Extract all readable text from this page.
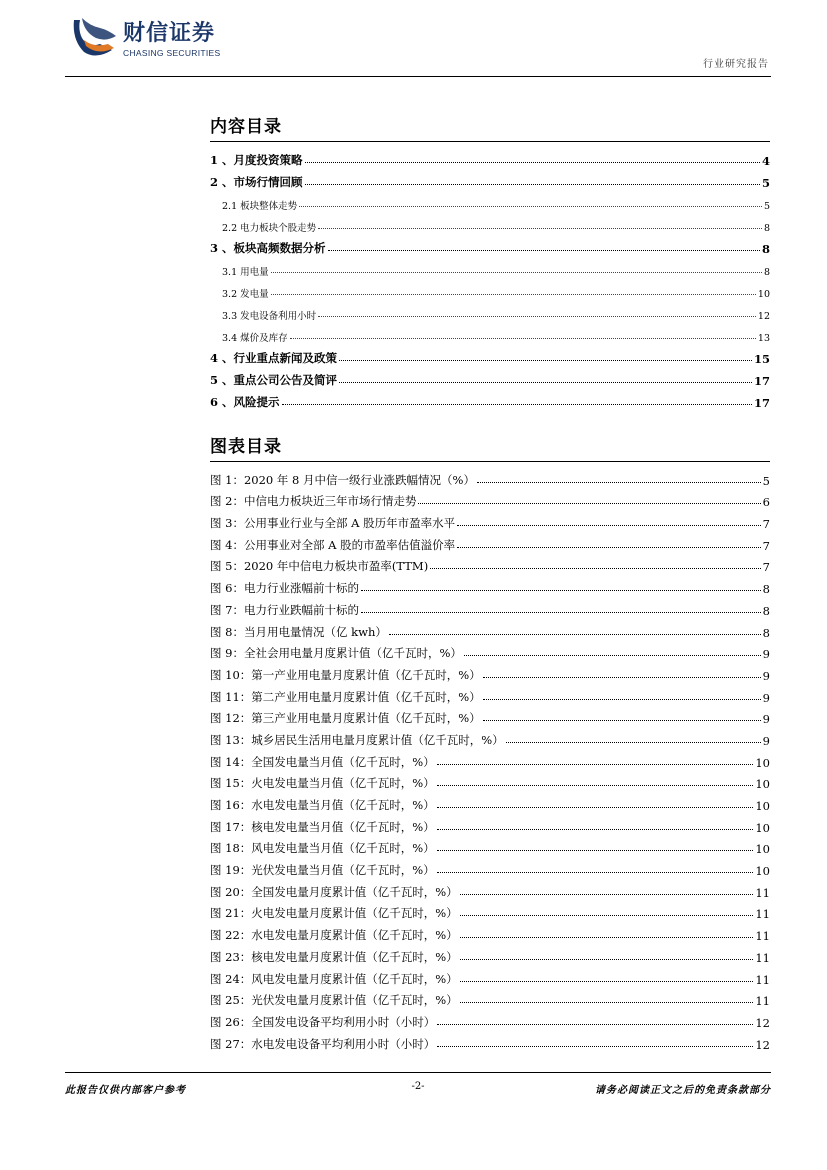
财信证券
CHASING SECURITIES
行业研究报告
内容目录
1 、月度投资策略	4
2 、市场行情回顾	5
2.1 板块整体走势	5
2.2 电力板块个股走势	8
3 、板块高频数据分析	8
3.1 用电量	8
3.2 发电量	10
3.3 发电设备利用小时	12
3.4 煤价及库存	13
4 、行业重点新闻及政策	15
5 、重点公司公告及简评	17
6 、风险提示	17
图表目录
图 1：2020 年 8 月中信一级行业涨跌幅情况（%）	5
图 2：中信电力板块近三年市场行情走势	6
图 3：公用事业行业与全部 A 股历年市盈率水平	7
图 4：公用事业对全部 A 股的市盈率估值溢价率	7
图 5：2020 年中信电力板块市盈率(TTM)	7
图 6：电力行业涨幅前十标的	8
图 7：电力行业跌幅前十标的	8
图 8：当月用电量情况（亿 kwh）	8
图 9：全社会用电量月度累计值（亿千瓦时，%）	9
图 10：第一产业用电量月度累计值（亿千瓦时，%）	9
图 11：第二产业用电量月度累计值（亿千瓦时，%）	9
图 12：第三产业用电量月度累计值（亿千瓦时，%）	9
图 13：城乡居民生活用电量月度累计值（亿千瓦时，%）	9
图 14：全国发电量当月值（亿千瓦时，%）	10
图 15：火电发电量当月值（亿千瓦时，%）	10
图 16：水电发电量当月值（亿千瓦时，%）	10
图 17：核电发电量当月值（亿千瓦时，%）	10
图 18：风电发电量当月值（亿千瓦时，%）	10
图 19：光伏发电量当月值（亿千瓦时，%）	10
图 20：全国发电量月度累计值（亿千瓦时，%）	11
图 21：火电发电量月度累计值（亿千瓦时，%）	11
图 22：水电发电量月度累计值（亿千瓦时，%）	11
图 23：核电发电量月度累计值（亿千瓦时，%）	11
图 24：风电发电量月度累计值（亿千瓦时，%）	11
图 25：光伏发电量月度累计值（亿千瓦时，%）	11
图 26：全国发电设备平均利用小时（小时）	12
图 27：水电发电设备平均利用小时（小时）	12
此报告仅供内部客户参考	-2-	请务必阅读正文之后的免责条款部分
